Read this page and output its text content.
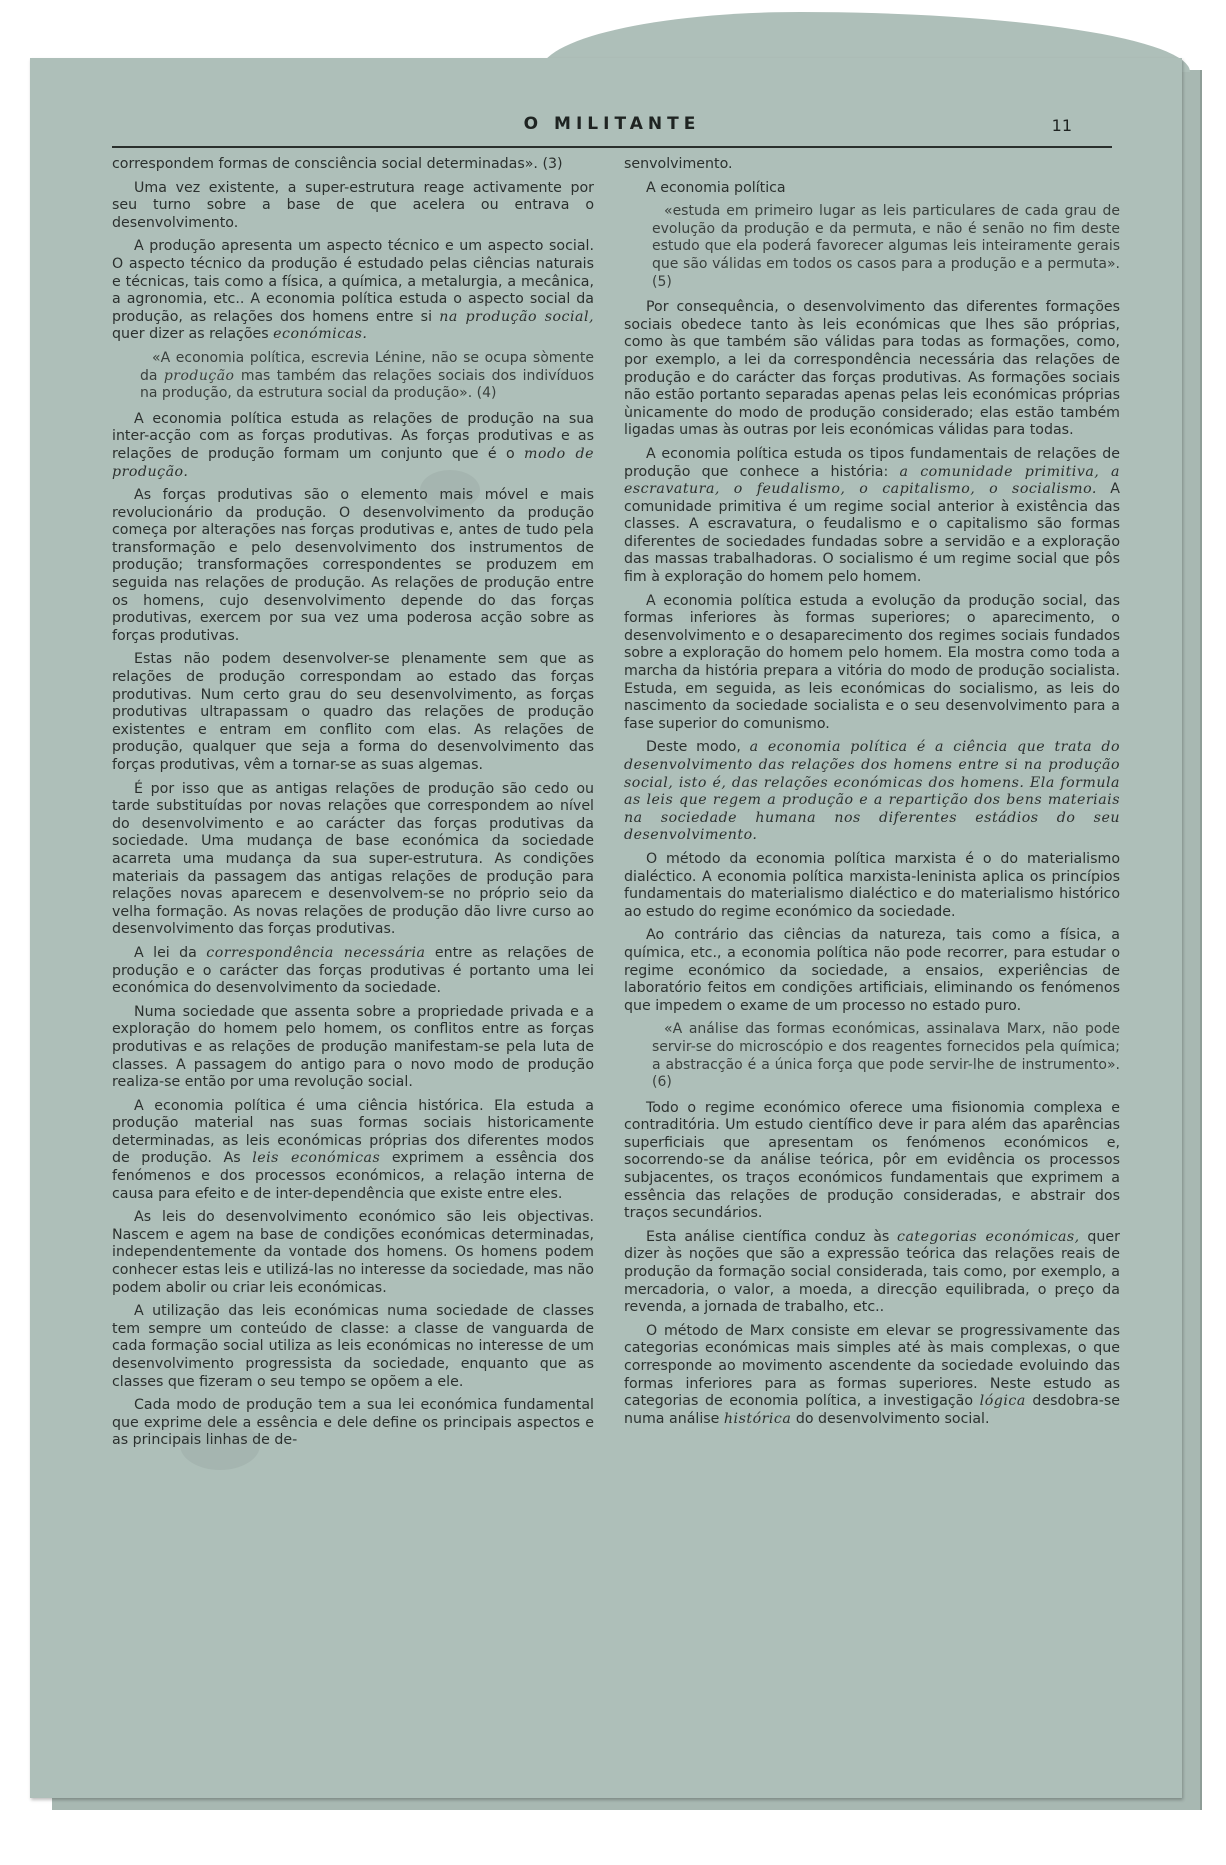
O MILITANTE	11

correspondem formas de consciência social determinadas». (3)

Uma vez existente, a super-estrutura reage activamente por seu turno sobre a base de que acelera ou entrava o desenvolvimento.

A produção apresenta um aspecto técnico e um aspecto social. O aspecto técnico da produção é estudado pelas ciências naturais e técnicas, tais como a física, a química, a metalurgia, a mecânica, a agronomia, etc.. A economia política estuda o aspecto social da produção, as relações dos homens entre si na produção social, quer dizer as relações económicas.

«A economia política, escrevia Lénine, não se ocupa sòmente da produção mas também das relações sociais dos indivíduos na produção, da estrutura social da produção». (4)

A economia política estuda as relações de produção na sua inter-acção com as forças produtivas. As forças produtivas e as relações de produção formam um conjunto que é o modo de produção.

As forças produtivas são o elemento mais móvel e mais revolucionário da produção. O desenvolvimento da produção começa por alterações nas forças produtivas e, antes de tudo pela transformação e pelo desenvolvimento dos instrumentos de produção; transformações correspondentes se produzem em seguida nas relações de produção. As relações de produção entre os homens, cujo desenvolvimento depende do das forças produtivas, exercem por sua vez uma poderosa acção sobre as forças produtivas.

Estas não podem desenvolver-se plenamente sem que as relações de produção correspondam ao estado das forças produtivas. Num certo grau do seu desenvolvimento, as forças produtivas ultrapassam o quadro das relações de produção existentes e entram em conflito com elas. As relações de produção, qualquer que seja a forma do desenvolvimento das forças produtivas, vêm a tornar-se as suas algemas.

É por isso que as antigas relações de produção são cedo ou tarde substituídas por novas relações que correspondem ao nível do desenvolvimento e ao carácter das forças produtivas da sociedade. Uma mudança de base económica da sociedade acarreta uma mudança da sua super-estrutura. As condições materiais da passagem das antigas relações de produção para relações novas aparecem e desenvolvem-se no próprio seio da velha formação. As novas relações de produção dão livre curso ao desenvolvimento das forças produtivas.

A lei da correspondência necessária entre as relações de produção e o carácter das forças produtivas é portanto uma lei económica do desenvolvimento da sociedade.

Numa sociedade que assenta sobre a propriedade privada e a exploração do homem pelo homem, os conflitos entre as forças produtivas e as relações de produção manifestam-se pela luta de classes. A passagem do antigo para o novo modo de produção realiza-se então por uma revolução social.

A economia política é uma ciência histórica. Ela estuda a produção material nas suas formas sociais historicamente determinadas, as leis económicas próprias dos diferentes modos de produção. As leis económicas exprimem a essência dos fenómenos e dos processos económicos, a relação interna de causa para efeito e de inter-dependência que existe entre eles.

As leis do desenvolvimento económico são leis objectivas. Nascem e agem na base de condições económicas determinadas, independentemente da vontade dos homens. Os homens podem conhecer estas leis e utilizá-las no interesse da sociedade, mas não podem abolir ou criar leis económicas.

A utilização das leis económicas numa sociedade de classes tem sempre um conteúdo de classe: a classe de vanguarda de cada formação social utiliza as leis económicas no interesse de um desenvolvimento progressista da sociedade, enquanto que as classes que fizeram o seu tempo se opõem a ele.

Cada modo de produção tem a sua lei económica fundamental que exprime dele a essência e dele define os principais aspectos e as principais linhas de de-

senvolvimento.

A economia política

«estuda em primeiro lugar as leis particulares de cada grau de evolução da produção e da permuta, e não é senão no fim deste estudo que ela poderá favorecer algumas leis inteiramente gerais que são válidas em todos os casos para a produção e a permuta». (5)

Por consequência, o desenvolvimento das diferentes formações sociais obedece tanto às leis económicas que lhes são próprias, como às que também são válidas para todas as formações, como, por exemplo, a lei da correspondência necessária das relações de produção e do carácter das forças produtivas. As formações sociais não estão portanto separadas apenas pelas leis económicas próprias ùnicamente do modo de produção considerado; elas estão também ligadas umas às outras por leis económicas válidas para todas.

A economia política estuda os tipos fundamentais de relações de produção que conhece a história: a comunidade primitiva, a escravatura, o feudalismo, o capitalismo, o socialismo. A comunidade primitiva é um regime social anterior à existência das classes. A escravatura, o feudalismo e o capitalismo são formas diferentes de sociedades fundadas sobre a servidão e a exploração das massas trabalhadoras. O socialismo é um regime social que pôs fim à exploração do homem pelo homem.

A economia política estuda a evolução da produção social, das formas inferiores às formas superiores; o aparecimento, o desenvolvimento e o desaparecimento dos regimes sociais fundados sobre a exploração do homem pelo homem. Ela mostra como toda a marcha da história prepara a vitória do modo de produção socialista. Estuda, em seguida, as leis económicas do socialismo, as leis do nascimento da sociedade socialista e o seu desenvolvimento para a fase superior do comunismo.

Deste modo, a economia política é a ciência que trata do desenvolvimento das relações dos homens entre si na produção social, isto é, das relações económicas dos homens. Ela formula as leis que regem a produção e a repartição dos bens materiais na sociedade humana nos diferentes estádios do seu desenvolvimento.

O método da economia política marxista é o do materialismo dialéctico. A economia política marxista-leninista aplica os princípios fundamentais do materialismo dialéctico e do materialismo histórico ao estudo do regime económico da sociedade.

Ao contrário das ciências da natureza, tais como a física, a química, etc., a economia política não pode recorrer, para estudar o regime económico da sociedade, a ensaios, experiências de laboratório feitos em condições artificiais, eliminando os fenómenos que impedem o exame de um processo no estado puro.

«A análise das formas económicas, assinalava Marx, não pode servir-se do microscópio e dos reagentes fornecidos pela química; a abstracção é a única força que pode servir-lhe de instrumento». (6)

Todo o regime económico oferece uma fisionomia complexa e contraditória. Um estudo científico deve ir para além das aparências superficiais que apresentam os fenómenos económicos e, socorrendo-se da análise teórica, pôr em evidência os processos subjacentes, os traços económicos fundamentais que exprimem a essência das relações de produção consideradas, e abstrair dos traços secundários.

Esta análise científica conduz às categorias económicas, quer dizer às noções que são a expressão teórica das relações reais de produção da formação social considerada, tais como, por exemplo, a mercadoria, o valor, a moeda, a direcção equilibrada, o preço da revenda, a jornada de trabalho, etc..

O método de Marx consiste em elevar se progressivamente das categorias económicas mais simples até às mais complexas, o que corresponde ao movimento ascendente da sociedade evoluindo das formas inferiores para as formas superiores. Neste estudo as categorias de economia política, a investigação lógica desdobra-se numa análise histórica do desenvolvimento social.
